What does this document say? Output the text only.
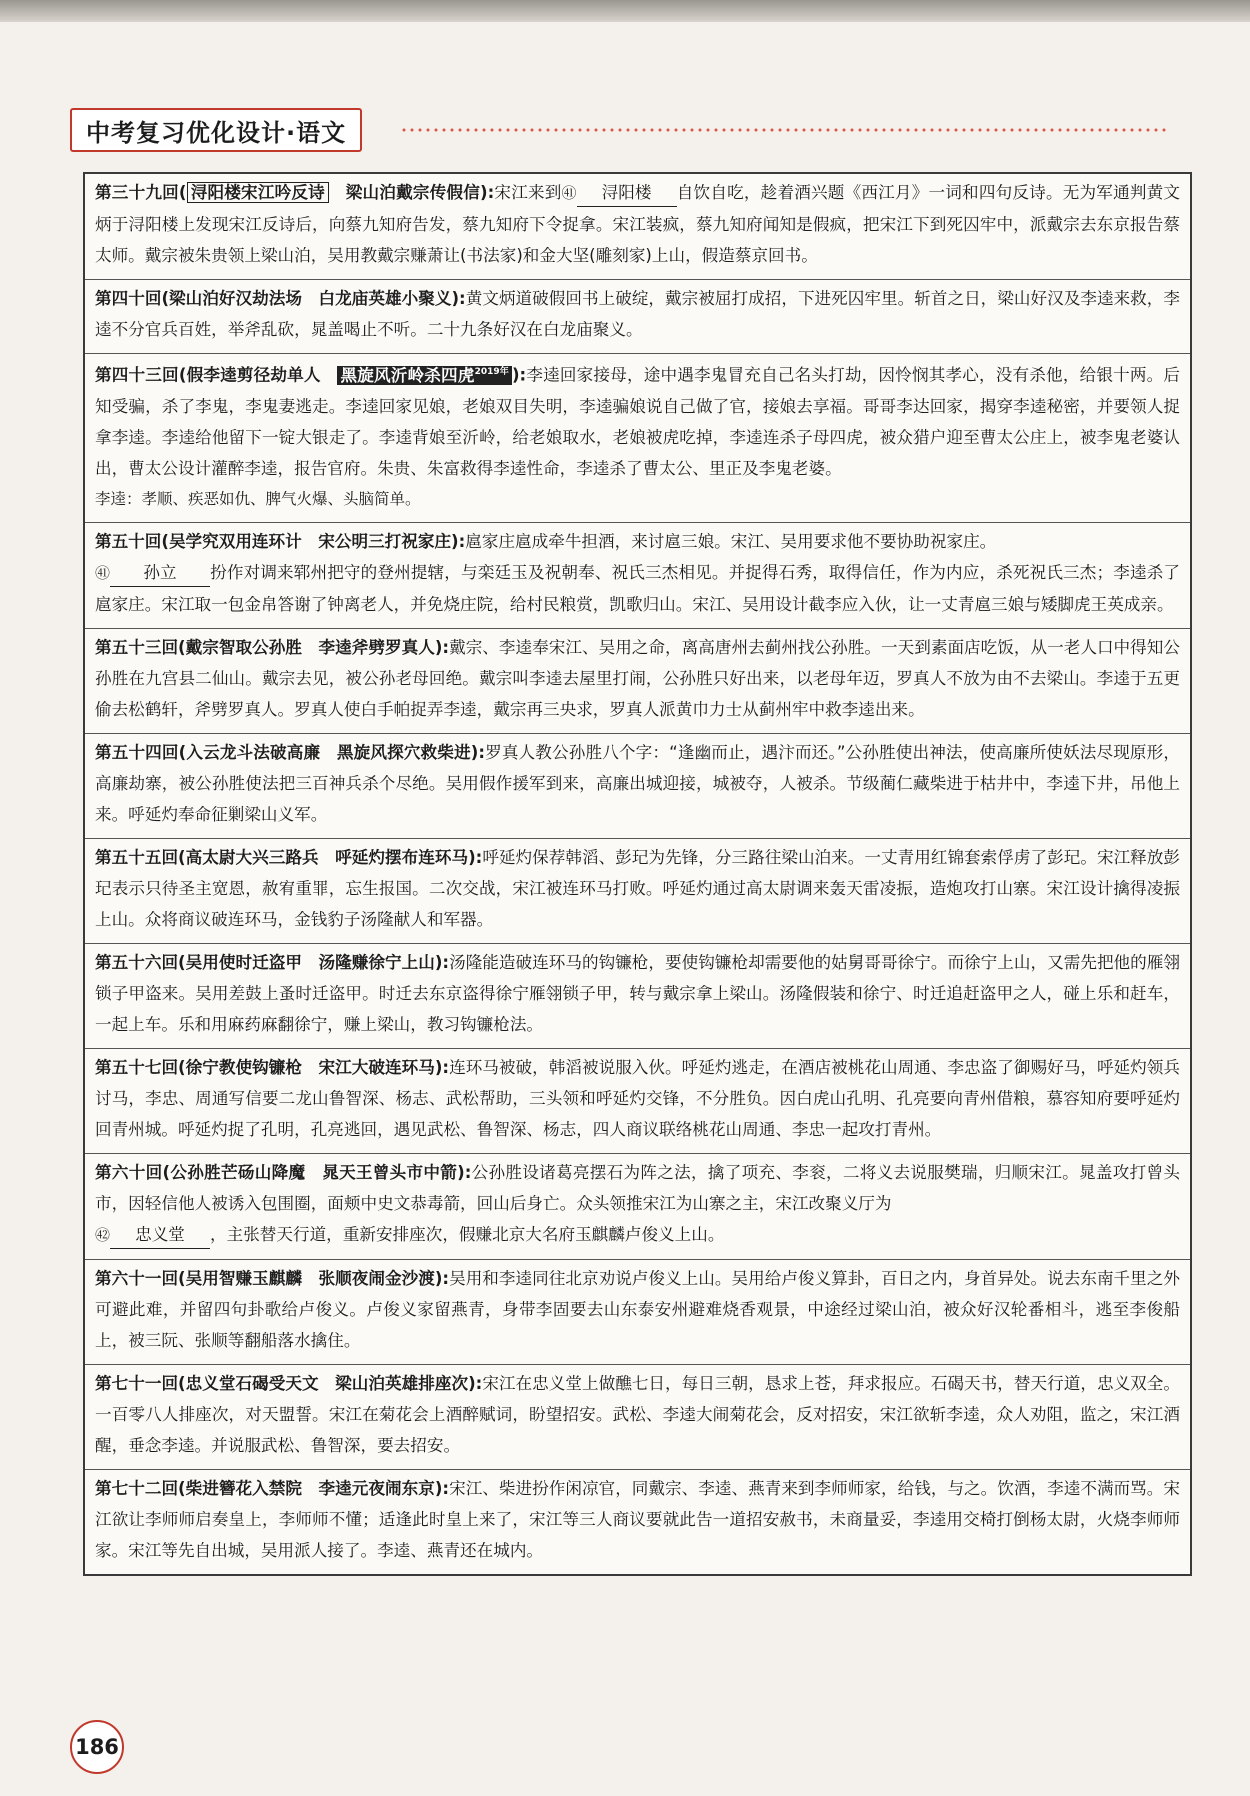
中考复习优化设计·语文
第三十九回( 浔阳楼宋江吟反诗　梁山泊戴宗传假信):宋江来到㊶ 浔阳楼 自饮自吃，趁着酒兴题《西江月》一词和四句反诗。无为军通判黄文炳于浔阳楼上发现宋江反诗后，向蔡九知府告发，蔡九知府下令捉拿。宋江装疯，蔡九知府闻知是假疯，把宋江下到死囚牢中，派戴宗去东京报告蔡太师。戴宗被朱贵领上梁山泊，吴用教戴宗赚萧让(书法家)和金大坚(雕刻家)上山，假造蔡京回书。
第四十回(梁山泊好汉劫法场　白龙庙英雄小聚义):黄文炳道破假回书上破绽，戴宗被屈打成招，下进死囚牢里。斩首之日，梁山好汉及李逵来救，李逵不分官兵百姓，举斧乱砍，晁盖喝止不听。二十九条好汉在白龙庙聚义。
第四十三回(假李逵剪径劫单人　黑旋风沂岭杀四虎$^{2019年}$ ):李逵回家接母，途中遇李鬼冒充自己名头打劫，因怜悯其孝心，没有杀他，给银十两。后知受骗，杀了李鬼，李鬼妻逃走。李逵回家见娘，老娘双目失明，李逵骗娘说自己做了官，接娘去享福。哥哥李达回家，揭穿李逵秘密，并要领人捉拿李逵。李逵给他留下一锭大银走了。李逵背娘至沂岭，给老娘取水，老娘被虎吃掉，李逵连杀子母四虎，被众猎户迎至曹太公庄上，被李鬼老婆认出，曹太公设计灌醉李逵，报告官府。朱贵、朱富救得李逵性命，李逵杀了曹太公、里正及李鬼老婆。
李逵：孝顺、疾恶如仇、脾气火爆、头脑简单。
第五十回(吴学究双用连环计　宋公明三打祝家庄):扈家庄扈成牵牛担酒，来讨扈三娘。宋江、吴用要求他不要协助祝家庄。
㊶ 孙立 扮作对调来郓州把守的登州提辖，与栾廷玉及祝朝奉、祝氏三杰相见。并捉得石秀，取得信任，作为内应，杀死祝氏三杰；李逵杀了扈家庄。宋江取一包金帛答谢了钟离老人，并免烧庄院，给村民粮赏，凯歌归山。宋江、吴用设计截李应入伙，让一丈青扈三娘与矮脚虎王英成亲。
第五十三回(戴宗智取公孙胜　李逵斧劈罗真人):戴宗、李逵奉宋江、吴用之命，离高唐州去蓟州找公孙胜。一天到素面店吃饭，从一老人口中得知公孙胜在九宫县二仙山。戴宗去见，被公孙老母回绝。戴宗叫李逵去屋里打闹，公孙胜只好出来，以老母年迈，罗真人不放为由不去梁山。李逵于五更偷去松鹤轩，斧劈罗真人。罗真人使白手帕捉弄李逵，戴宗再三央求，罗真人派黄巾力士从蓟州牢中救李逵出来。
第五十四回(入云龙斗法破高廉　黑旋风探穴救柴进):罗真人教公孙胜八个字：“逢幽而止，遇汴而还。”公孙胜使出神法，使高廉所使妖法尽现原形，高廉劫寨，被公孙胜使法把三百神兵杀个尽绝。吴用假作援军到来，高廉出城迎接，城被夺，人被杀。节级蔺仁藏柴进于枯井中，李逵下井，吊他上来。呼延灼奉命征剿梁山义军。
第五十五回(高太尉大兴三路兵　呼延灼摆布连环马):呼延灼保荐韩滔、彭玘为先锋，分三路往梁山泊来。一丈青用红锦套索俘虏了彭玘。宋江释放彭玘表示只待圣主宽恩，赦宥重罪，忘生报国。二次交战，宋江被连环马打败。呼延灼通过高太尉调来轰天雷凌振，造炮攻打山寨。宋江设计擒得凌振上山。众将商议破连环马，金钱豹子汤隆献人和军器。
第五十六回(吴用使时迁盗甲　汤隆赚徐宁上山):汤隆能造破连环马的钩镰枪，要使钩镰枪却需要他的姑舅哥哥徐宁。而徐宁上山，又需先把他的雁翎锁子甲盗来。吴用差鼓上蚤时迁盗甲。时迁去东京盗得徐宁雁翎锁子甲，转与戴宗拿上梁山。汤隆假装和徐宁、时迁追赶盗甲之人，碰上乐和赶车，一起上车。乐和用麻药麻翻徐宁，赚上梁山，教习钩镰枪法。
第五十七回(徐宁教使钩镰枪　宋江大破连环马):连环马被破，韩滔被说服入伙。呼延灼逃走，在酒店被桃花山周通、李忠盗了御赐好马，呼延灼领兵讨马，李忠、周通写信要二龙山鲁智深、杨志、武松帮助，三头领和呼延灼交锋，不分胜负。因白虎山孔明、孔亮要向青州借粮，慕容知府要呼延灼回青州城。呼延灼捉了孔明，孔亮逃回，遇见武松、鲁智深、杨志，四人商议联络桃花山周通、李忠一起攻打青州。
第六十回(公孙胜芒砀山降魔　晁天王曾头市中箭):公孙胜设诸葛亮摆石为阵之法，擒了项充、李衮，二将义去说服樊瑞，归顺宋江。晁盖攻打曾头市，因轻信他人被诱入包围圈，面颊中史文恭毒箭，回山后身亡。众头领推宋江为山寨之主，宋江改聚义厅为
㊷ 忠义堂 ，主张替天行道，重新安排座次，假赚北京大名府玉麒麟卢俊义上山。
第六十一回(吴用智赚玉麒麟　张顺夜闹金沙渡):吴用和李逵同往北京劝说卢俊义上山。吴用给卢俊义算卦，百日之内，身首异处。说去东南千里之外可避此难，并留四句卦歌给卢俊义。卢俊义家留燕青，身带李固要去山东泰安州避难烧香观景，中途经过梁山泊，被众好汉轮番相斗，逃至李俊船上，被三阮、张顺等翻船落水擒住。
第七十一回(忠义堂石碣受天文　梁山泊英雄排座次):宋江在忠义堂上做醮七日，每日三朝，恳求上苍，拜求报应。石碣天书，替天行道，忠义双全。一百零八人排座次，对天盟誓。宋江在菊花会上酒醉赋词，盼望招安。武松、李逵大闹菊花会，反对招安，宋江欲斩李逵，众人劝阻，监之，宋江酒醒，垂念李逵。并说服武松、鲁智深，要去招安。
第七十二回(柴进簪花入禁院　李逵元夜闹东京):宋江、柴进扮作闲凉官，同戴宗、李逵、燕青来到李师师家，给钱，与之。饮酒，李逵不满而骂。宋江欲让李师师启奏皇上，李师师不懂；适逢此时皇上来了，宋江等三人商议要就此告一道招安赦书，未商量妥，李逵用交椅打倒杨太尉，火烧李师师家。宋江等先自出城，吴用派人接了。李逵、燕青还在城内。
186
